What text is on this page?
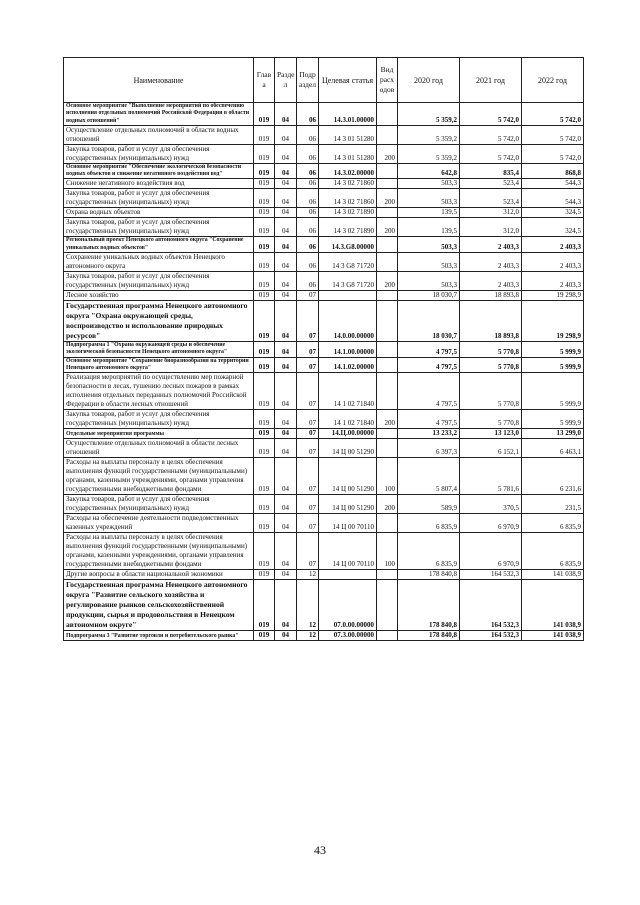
Наименование	Глав а	Разде л	Подр аздел	Целевая статья	Вид расх одов	2020 год	2021 год	2022 год
Основное мероприятие "Выполнение мероприятий по обеспечению исполнения отдельных полномочий Российской Федерации в области водных отношений"	019	04	06	14.3.01.00000		5 359,2	5 742,0	5 742,0
Осуществление отдельных полномочий в области водных отношений	019	04	06	14 3 01 51280		5 359,2	5 742,0	5 742,0
Закупка товаров, работ и услуг для обеспечения государственных (муниципальных) нужд	019	04	06	14 3 01 51280	200	5 359,2	5 742,0	5 742,0
Основное мероприятие "Обеспечение экологической безопасности водных объектов и снижение негативного воздействия вод"	019	04	06	14.3.02.00000		642,8	835,4	868,8
Снижение негативного воздействия вод	019	04	06	14 3 02 71860		503,3	523,4	544,3
Закупка товаров, работ и услуг для обеспечения государственных (муниципальных) нужд	019	04	06	14 3 02 71860	200	503,3	523,4	544,3
Охрана водных объектов	019	04	06	14 3 02 71890		139,5	312,0	324,5
Закупка товаров, работ и услуг для обеспечения государственных (муниципальных) нужд	019	04	06	14 3 02 71890	200	139,5	312,0	324,5
Региональный проект Ненецкого автономного округа "Сохранение уникальных водных объектов"	019	04	06	14.3.G8.00000		503,3	2 403,3	2 403,3
Сохранение уникальных водных объектов Ненецкого автономного округа	019	04	06	14 3 G8 71720		503,3	2 403,3	2 403,3
Закупка товаров, работ и услуг для обеспечения государственных (муниципальных) нужд	019	04	06	14 3 G8 71720	200	503,3	2 403,3	2 403,3
Лесное хозяйство	019	04	07			18 030,7	18 893,8	19 298,9
Государственная программа Ненецкого автономного округа "Охрана окружающей среды, воспроизводство и использование природных ресурсов"	019	04	07	14.0.00.00000		18 030,7	18 893,8	19 298,9
Подпрограмма 1 "Охрана окружающей среды и обеспечение экологической безопасности Ненецкого автономного округа"	019	04	07	14.1.00.00000		4 797,5	5 770,8	5 999,9
Основное мероприятие "Сохранение биоразнообразия на территории Ненецкого автономного округа"	019	04	07	14.1.02.00000		4 797,5	5 770,8	5 999,9
Реализация мероприятий по осуществлению мер пожарной безопасности в лесах, тушению лесных пожаров в рамках исполнения отдельных переданных полномочий Российской Федерации в области лесных отношений	019	04	07	14 1 02 71840		4 797,5	5 770,8	5 999,9
Закупка товаров, работ и услуг для обеспечения государственных (муниципальных) нужд	019	04	07	14 1 02 71840	200	4 797,5	5 770,8	5 999,9
Отдельные мероприятия программы	019	04	07	14.Ц.00.00000		13 233,2	13 123,0	13 299,0
Осуществление отдельных полномочий в области лесных отношений	019	04	07	14 Ц 00 51290		6 397,3	6 152,1	6 463,1
Расходы на выплаты персоналу в целях обеспечения выполнения функций государственными (муниципальными) органами, казенными учреждениями, органами управления государственными внебюджетными фондами	019	04	07	14 Ц 00 51290	100	5 807,4	5 781,6	6 231,6
Закупка товаров, работ и услуг для обеспечения государственных (муниципальных) нужд	019	04	07	14 Ц 00 51290	200	589,9	370,5	231,5
Расходы на обеспечение деятельности подведомственных казенных учреждений	019	04	07	14 Ц 00 70110		6 835,9	6 970,9	6 835,9
Расходы на выплаты персоналу в целях обеспечения выполнения функций государственными (муниципальными) органами, казенными учреждениями, органами управления государственными внебюджетными фондами	019	04	07	14 Ц 00 70110	100	6 835,9	6 970,9	6 835,9
Другие вопросы в области национальной экономики	019	04	12			178 840,8	164 532,3	141 038,9
Государственная программа Ненецкого автономного округа "Развитие сельского хозяйства и регулирование рынков сельскохозяйственной продукции, сырья и продовольствия в Ненецком автономном округе"	019	04	12	07.0.00.00000		178 840,8	164 532,3	141 038,9
Подпрограмма 3 "Развитие торговли и потребительского рынка"	019	04	12	07.3.00.00000		178 840,8	164 532,3	141 038,9
43
